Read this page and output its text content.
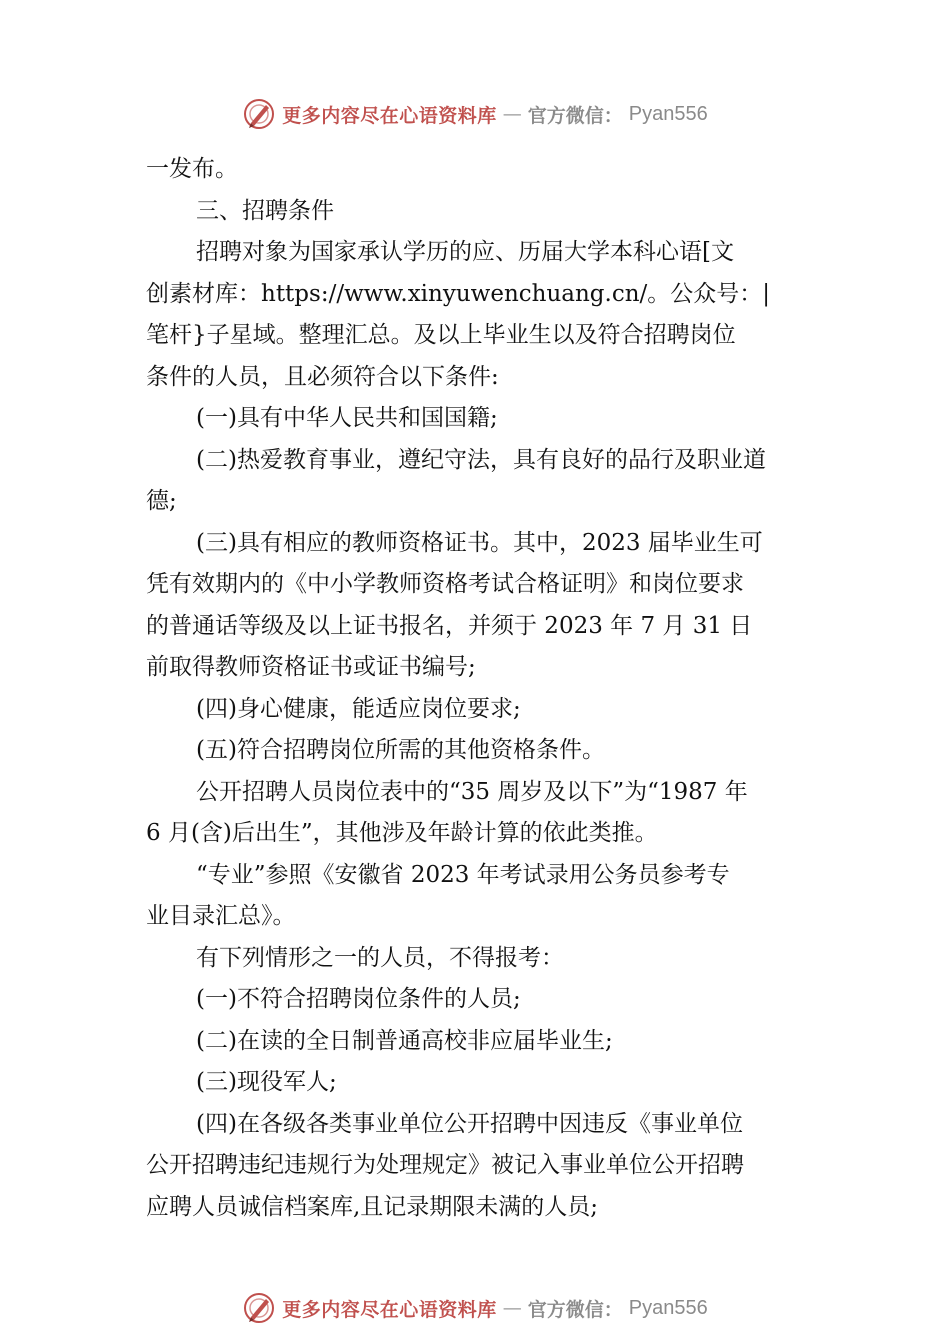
更多内容尽在心语资料库 — 官方微信： Pyan556
一发布。
三、招聘条件
招聘对象为国家承认学历的应、历届大学本科心语[文
创素材库：https://www.xinyuwenchuang.cn/。公众号：|
笔杆}子星域。整理汇总。及以上毕业生以及符合招聘岗位
条件的人员，且必须符合以下条件:
(一)具有中华人民共和国国籍;
(二)热爱教育事业，遵纪守法，具有良好的品行及职业道
德;
(三)具有相应的教师资格证书。其中，2023 届毕业生可
凭有效期内的《中小学教师资格考试合格证明》和岗位要求
的普通话等级及以上证书报名，并须于 2023 年 7 月 31 日
前取得教师资格证书或证书编号;
(四)身心健康，能适应岗位要求;
(五)符合招聘岗位所需的其他资格条件。
公开招聘人员岗位表中的“35 周岁及以下”为“1987 年
6 月(含)后出生”，其他涉及年龄计算的依此类推。
“专业”参照《安徽省 2023 年考试录用公务员参考专
业目录汇总》。
有下列情形之一的人员，不得报考：
(一)不符合招聘岗位条件的人员;
(二)在读的全日制普通高校非应届毕业生;
(三)现役军人;
(四)在各级各类事业单位公开招聘中因违反《事业单位
公开招聘违纪违规行为处理规定》被记入事业单位公开招聘
应聘人员诚信档案库,且记录期限未满的人员;
更多内容尽在心语资料库 — 官方微信： Pyan556
